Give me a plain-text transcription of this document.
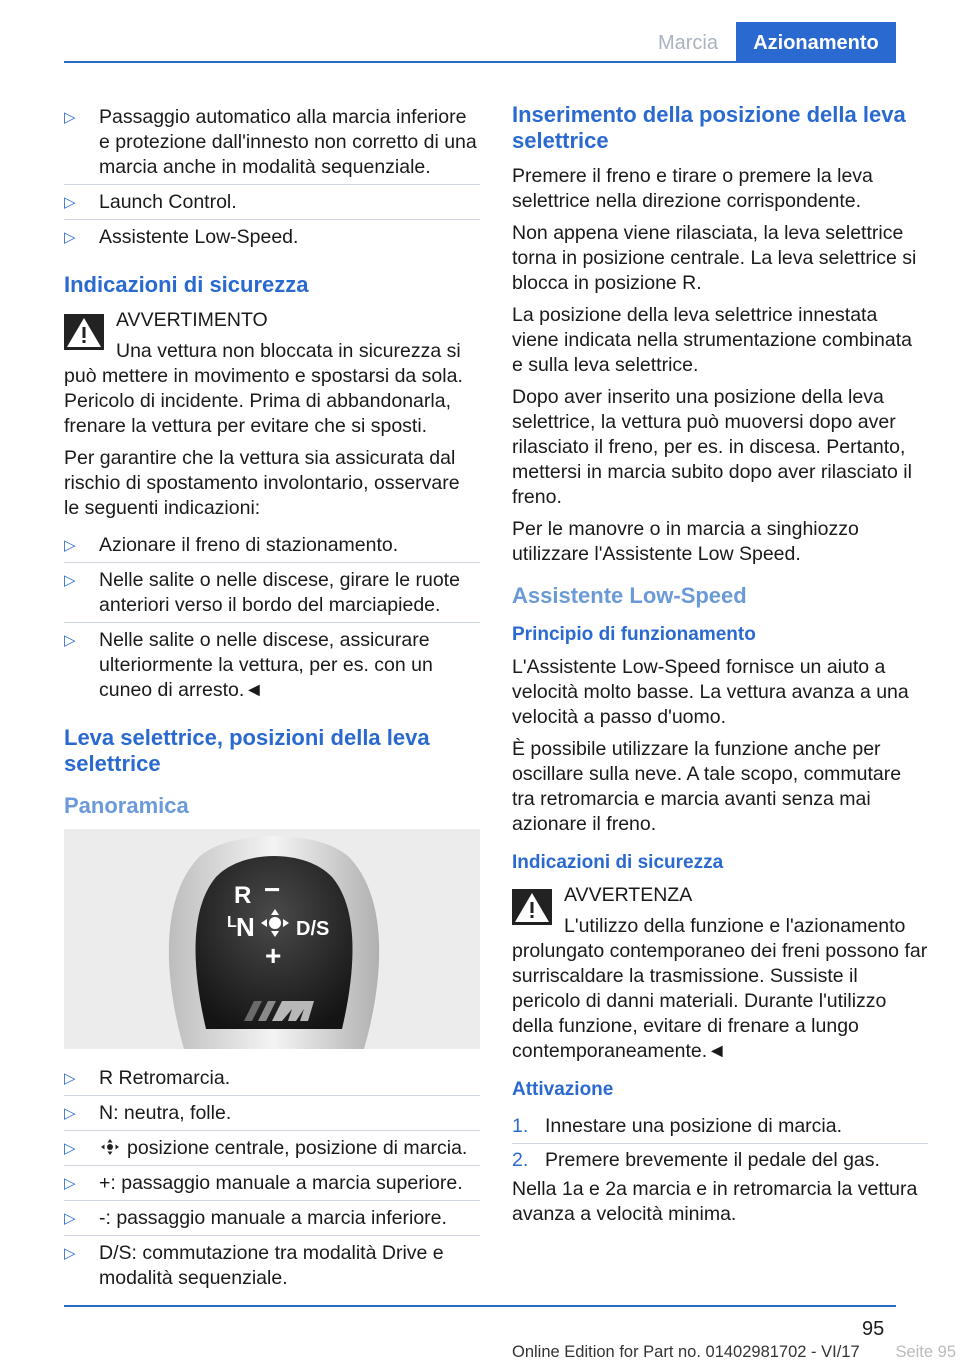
Marcia	Azionamento
▷ Passaggio automatico alla marcia inferiore e protezione dall'innesto non corretto di una marcia anche in modalità sequenziale.
▷ Launch Control.
▷ Assistente Low-Speed.
Indicazioni di sicurezza
AVVERTIMENTO

Una vettura non bloccata in sicurezza si può mettere in movimento e spostarsi da sola. Pericolo di incidente. Prima di abbandonarla, frenare la vettura per evitare che si sposti.

Per garantire che la vettura sia assicurata dal rischio di spostamento involontario, osservare le seguenti indicazioni:

▷ Azionare il freno di stazionamento.
▷ Nelle salite o nelle discese, girare le ruote anteriori verso il bordo del marciapiede.
▷ Nelle salite o nelle discese, assicurare ulteriormente la vettura, per es. con un cuneo di arresto.◄
Leva selettrice, posizioni della leva selettrice
Panoramica
R −
L N D/S
+
▷ R Retromarcia.
▷ N: neutra, folle.
▷	posizione centrale, posizione di marcia.
▷ +: passaggio manuale a marcia superiore.
▷ -: passaggio manuale a marcia inferiore.
▷ D/S: commutazione tra modalità Drive e modalità sequenziale.
Inserimento della posizione della leva selettrice

Premere il freno e tirare o premere la leva selettrice nella direzione corrispondente.

Non appena viene rilasciata, la leva selettrice torna in posizione centrale. La leva selettrice si blocca in posizione R.

La posizione della leva selettrice innestata viene indicata nella strumentazione combinata e sulla leva selettrice.

Dopo aver inserito una posizione della leva selettrice, la vettura può muoversi dopo aver rilasciato il freno, per es. in discesa. Pertanto, mettersi in marcia subito dopo aver rilasciato il freno.

Per le manovre o in marcia a singhiozzo utilizzare l'Assistente Low Speed.

Assistente Low-Speed
Principio di funzionamento

L'Assistente Low-Speed fornisce un aiuto a velocità molto basse. La vettura avanza a una velocità a passo d'uomo.

È possibile utilizzare la funzione anche per oscillare sulla neve. A tale scopo, commutare tra retromarcia e marcia avanti senza mai azionare il freno.

Indicazioni di sicurezza
AVVERTENZA

L'utilizzo della funzione e l'azionamento prolungato contemporaneo dei freni possono far surriscaldare la trasmissione. Sussiste il pericolo di danni materiali. Durante l'utilizzo della funzione, evitare di frenare a lungo contemporaneamente.◄

Attivazione
1. Innestare una posizione di marcia.
2. Premere brevemente il pedale del gas.

Nella 1a e 2a marcia e in retromarcia la vettura avanza a velocità minima.

95
Seite 95
Online Edition for Part no. 01402981702 - VI/17
